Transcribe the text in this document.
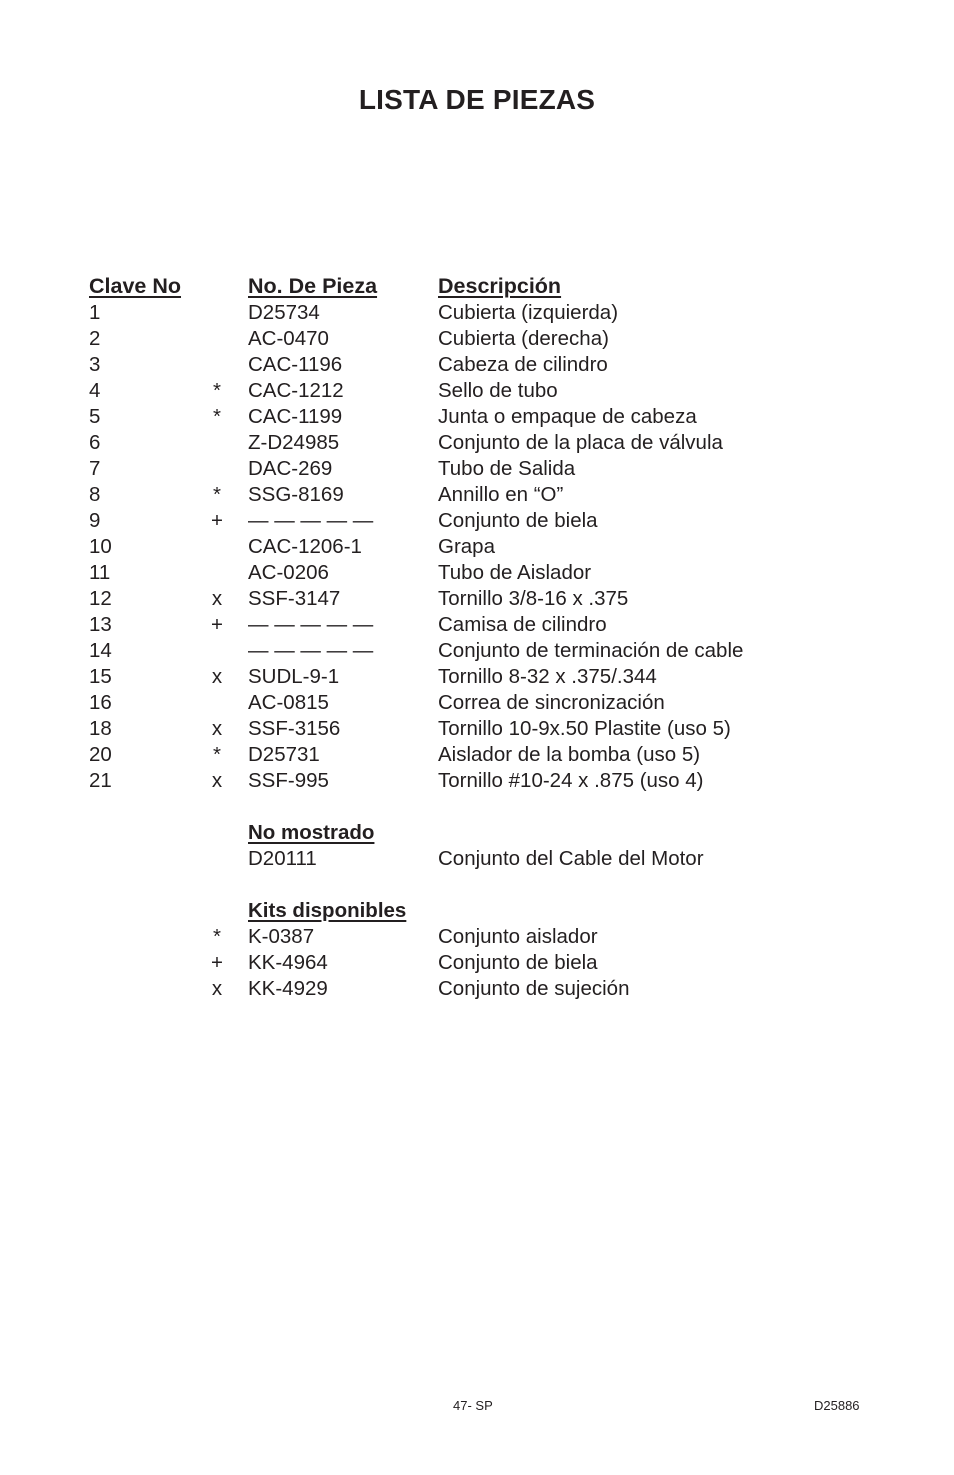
LISTA DE PIEZAS
Clave No	No. De Pieza	Descripción
1	D25734	Cubierta (izquierda)
2	AC-0470	Cubierta (derecha)
3	CAC-1196	Cabeza de cilindro
4	*	CAC-1212	Sello de tubo
5	*	CAC-1199	Junta o empaque de cabeza
6	Z-D24985	Conjunto de la placa de válvula
7	DAC-269	Tubo de Salida
8	*	SSG-8169	Annillo en “O”
9	+ — — — — —	Conjunto de biela
10	CAC-1206-1	Grapa
11	AC-0206	Tubo de Aislador
12	x	SSF-3147	Tornillo 3/8-16 x .375
13	+ — — — — —	Camisa de cilindro
14	— — — — —	Conjunto de terminación de cable
15	x	SUDL-9-1	Tornillo 8-32 x .375/.344
16	AC-0815	Correa de sincronización
18	x	SSF-3156	Tornillo 10-9x.50 Plastite (uso 5)
20	*	D25731	Aislador de la bomba (uso 5)
21	x	SSF-995	Tornillo #10-24 x .875 (uso 4)
No mostrado
D20111	Conjunto del Cable del Motor
Kits disponibles
*	K-0387	Conjunto aislador
+ KK-4964	Conjunto de biela
x	KK-4929	Conjunto de sujeción
47- SP	D25886
